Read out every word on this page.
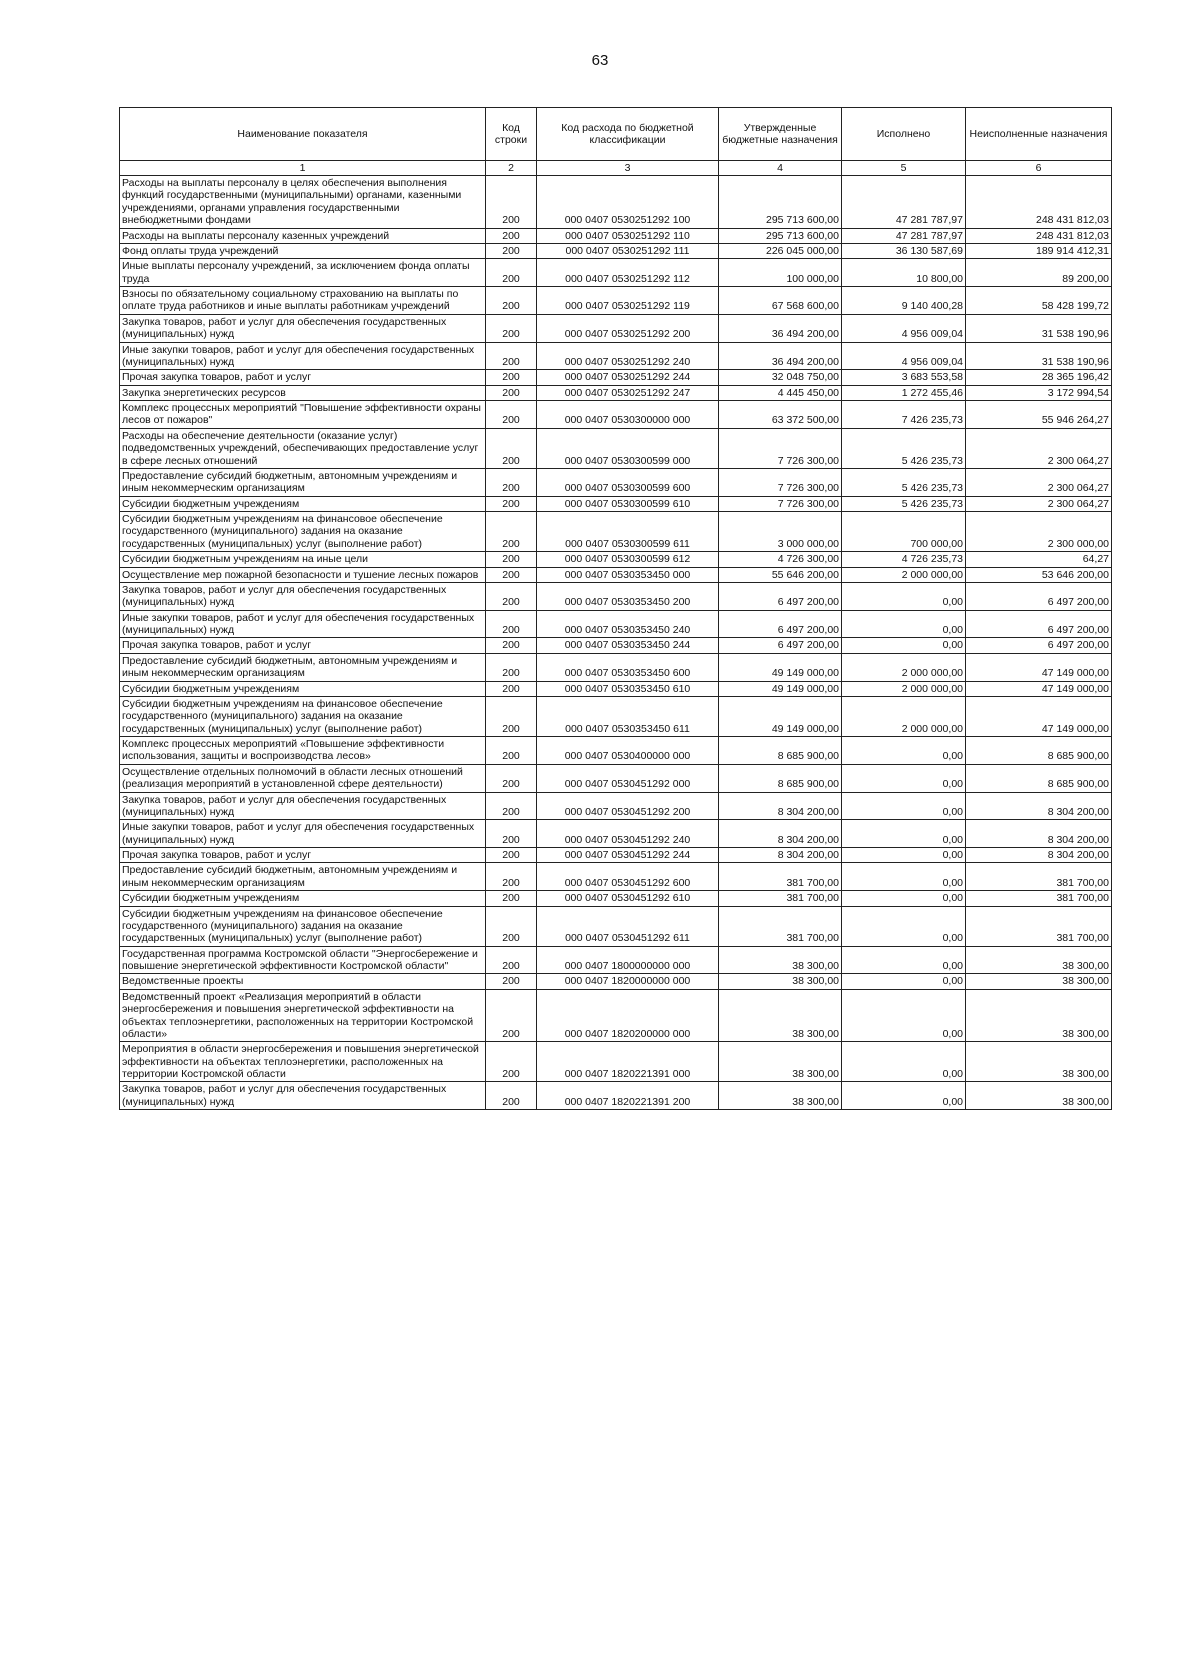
63
Наименование показателя	Код строки	Код расхода по бюджетной классификации	Утвержденные бюджетные назначения	Исполнено	Неисполненные назначения
1	2	3	4	5	6
Расходы на выплаты персоналу в целях обеспечения выполнения функций государственными (муниципальными) органами, казенными учреждениями, органами управления государственными внебюджетными фондами	200	000 0407 0530251292 100	295 713 600,00	47 281 787,97	248 431 812,03
Расходы на выплаты персоналу казенных учреждений	200	000 0407 0530251292 110	295 713 600,00	47 281 787,97	248 431 812,03
Фонд оплаты труда учреждений	200	000 0407 0530251292 111	226 045 000,00	36 130 587,69	189 914 412,31
Иные выплаты персоналу учреждений, за исключением фонда оплаты труда	200	000 0407 0530251292 112	100 000,00	10 800,00	89 200,00
Взносы по обязательному социальному страхованию на выплаты по оплате труда работников и иные выплаты работникам учреждений	200	000 0407 0530251292 119	67 568 600,00	9 140 400,28	58 428 199,72
Закупка товаров, работ и услуг для обеспечения государственных (муниципальных) нужд	200	000 0407 0530251292 200	36 494 200,00	4 956 009,04	31 538 190,96
Иные закупки товаров, работ и услуг для обеспечения государственных (муниципальных) нужд	200	000 0407 0530251292 240	36 494 200,00	4 956 009,04	31 538 190,96
Прочая закупка товаров, работ и услуг	200	000 0407 0530251292 244	32 048 750,00	3 683 553,58	28 365 196,42
Закупка энергетических ресурсов	200	000 0407 0530251292 247	4 445 450,00	1 272 455,46	3 172 994,54
Комплекс процессных мероприятий "Повышение эффективности охраны лесов от пожаров"	200	000 0407 0530300000 000	63 372 500,00	7 426 235,73	55 946 264,27
Расходы на обеспечение деятельности (оказание услуг) подведомственных учреждений, обеспечивающих предоставление услуг в сфере лесных отношений	200	000 0407 0530300599 000	7 726 300,00	5 426 235,73	2 300 064,27
Предоставление субсидий бюджетным, автономным учреждениям и иным некоммерческим организациям	200	000 0407 0530300599 600	7 726 300,00	5 426 235,73	2 300 064,27
Субсидии бюджетным учреждениям	200	000 0407 0530300599 610	7 726 300,00	5 426 235,73	2 300 064,27
Субсидии бюджетным учреждениям на финансовое обеспечение государственного (муниципального) задания на оказание государственных (муниципальных) услуг (выполнение работ)	200	000 0407 0530300599 611	3 000 000,00	700 000,00	2 300 000,00
Субсидии бюджетным учреждениям на иные цели	200	000 0407 0530300599 612	4 726 300,00	4 726 235,73	64,27
Осуществление мер пожарной безопасности и тушение лесных пожаров	200	000 0407 0530353450 000	55 646 200,00	2 000 000,00	53 646 200,00
Закупка товаров, работ и услуг для обеспечения государственных (муниципальных) нужд	200	000 0407 0530353450 200	6 497 200,00	0,00	6 497 200,00
Иные закупки товаров, работ и услуг для обеспечения государственных (муниципальных) нужд	200	000 0407 0530353450 240	6 497 200,00	0,00	6 497 200,00
Прочая закупка товаров, работ и услуг	200	000 0407 0530353450 244	6 497 200,00	0,00	6 497 200,00
Предоставление субсидий бюджетным, автономным учреждениям и иным некоммерческим организациям	200	000 0407 0530353450 600	49 149 000,00	2 000 000,00	47 149 000,00
Субсидии бюджетным учреждениям	200	000 0407 0530353450 610	49 149 000,00	2 000 000,00	47 149 000,00
Субсидии бюджетным учреждениям на финансовое обеспечение государственного (муниципального) задания на оказание государственных (муниципальных) услуг (выполнение работ)	200	000 0407 0530353450 611	49 149 000,00	2 000 000,00	47 149 000,00
Комплекс процессных мероприятий «Повышение эффективности использования, защиты и воспроизводства лесов»	200	000 0407 0530400000 000	8 685 900,00	0,00	8 685 900,00
Осуществление отдельных полномочий в области лесных отношений (реализация мероприятий в установленной сфере деятельности)	200	000 0407 0530451292 000	8 685 900,00	0,00	8 685 900,00
Закупка товаров, работ и услуг для обеспечения государственных (муниципальных) нужд	200	000 0407 0530451292 200	8 304 200,00	0,00	8 304 200,00
Иные закупки товаров, работ и услуг для обеспечения государственных (муниципальных) нужд	200	000 0407 0530451292 240	8 304 200,00	0,00	8 304 200,00
Прочая закупка товаров, работ и услуг	200	000 0407 0530451292 244	8 304 200,00	0,00	8 304 200,00
Предоставление субсидий бюджетным, автономным учреждениям и иным некоммерческим организациям	200	000 0407 0530451292 600	381 700,00	0,00	381 700,00
Субсидии бюджетным учреждениям	200	000 0407 0530451292 610	381 700,00	0,00	381 700,00
Субсидии бюджетным учреждениям на финансовое обеспечение государственного (муниципального) задания на оказание государственных (муниципальных) услуг (выполнение работ)	200	000 0407 0530451292 611	381 700,00	0,00	381 700,00
Государственная программа Костромской области "Энергосбережение и повышение энергетической эффективности Костромской области"	200	000 0407 1800000000 000	38 300,00	0,00	38 300,00
Ведомственные проекты	200	000 0407 1820000000 000	38 300,00	0,00	38 300,00
Ведомственный проект «Реализация мероприятий в области энергосбережения и повышения энергетической эффективности на объектах теплоэнергетики, расположенных на территории Костромской области»	200	000 0407 1820200000 000	38 300,00	0,00	38 300,00
Мероприятия в области энергосбережения и повышения энергетической эффективности на объектах теплоэнергетики, расположенных на территории Костромской области	200	000 0407 1820221391 000	38 300,00	0,00	38 300,00
Закупка товаров, работ и услуг для обеспечения государственных (муниципальных) нужд	200	000 0407 1820221391 200	38 300,00	0,00	38 300,00
